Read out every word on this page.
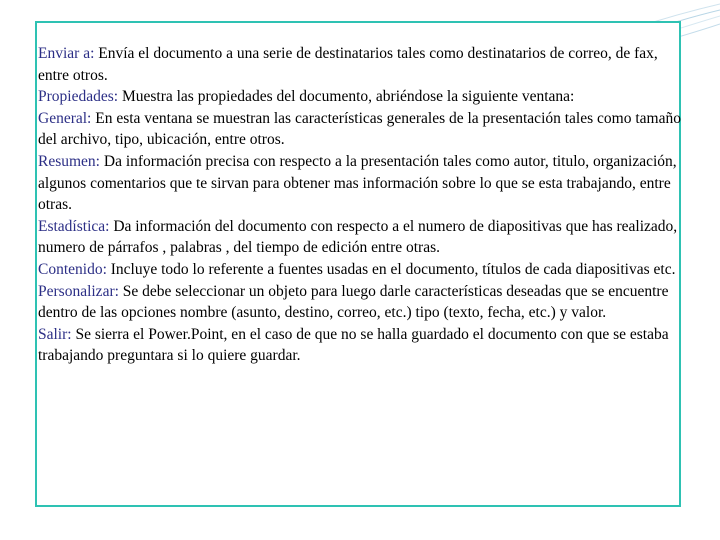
Enviar a: Envía el documento a una serie de destinatarios tales como destinatarios de correo, de fax, entre otros.

Propiedades: Muestra las propiedades del documento, abriéndose la siguiente ventana:

General: En esta ventana se muestran las características generales de la presentación tales como tamaño del archivo, tipo, ubicación, entre otros.

Resumen: Da información precisa con respecto a la presentación tales como autor, titulo, organización, algunos comentarios que te sirvan para obtener mas información sobre lo que se esta trabajando, entre otras.

Estadística: Da información del documento con respecto a el numero de diapositivas que has realizado, numero de párrafos , palabras , del tiempo de edición entre otras.

Contenido: Incluye todo lo referente a fuentes usadas en el documento, títulos de cada diapositivas etc.

Personalizar: Se debe seleccionar un objeto para luego darle características deseadas que se encuentre dentro de las opciones nombre (asunto, destino, correo, etc.) tipo (texto, fecha, etc.) y valor.

Salir: Se sierra el Power.Point, en el caso de que no se halla guardado el documento con que se estaba trabajando preguntara si lo quiere guardar.
